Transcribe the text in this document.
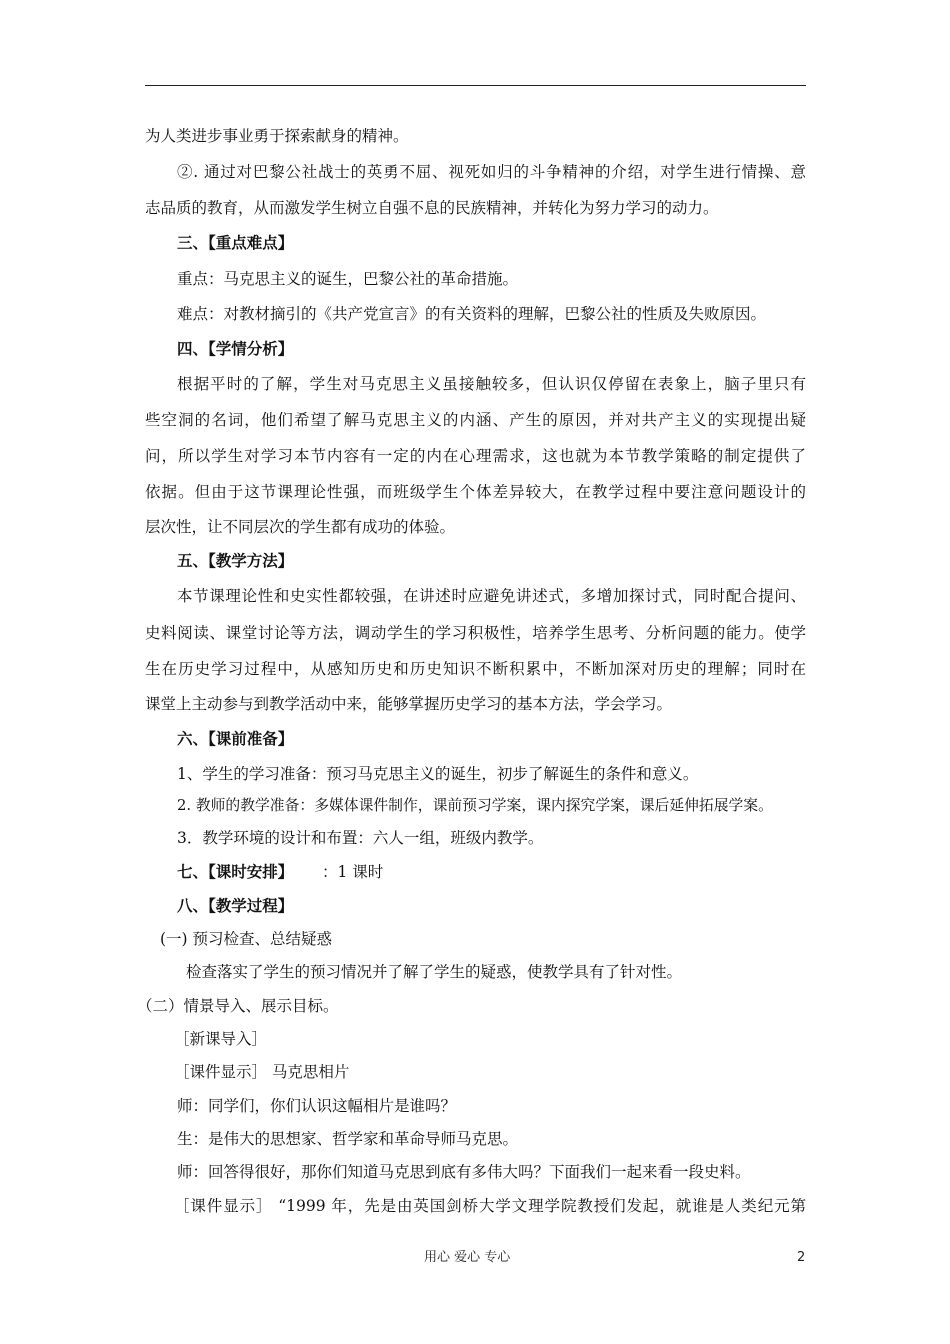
为人类进步事业勇于探索献身的精神。
②. 通过对巴黎公社战士的英勇不屈、视死如归的斗争精神的介绍，对学生进行情操、意
志品质的教育，从而激发学生树立自强不息的民族精神，并转化为努力学习的动力。
三、【重点难点】
重点：马克思主义的诞生，巴黎公社的革命措施。
难点：对教材摘引的《共产党宣言》的有关资料的理解，巴黎公社的性质及失败原因。
四、【学情分析】
根据平时的了解，学生对马克思主义虽接触较多，但认识仅停留在表象上，脑子里只有
些空洞的名词，他们希望了解马克思主义的内涵、产生的原因，并对共产主义的实现提出疑
问，所以学生对学习本节内容有一定的内在心理需求，这也就为本节教学策略的制定提供了
依据。但由于这节课理论性强，而班级学生个体差异较大，在教学过程中要注意问题设计的
层次性，让不同层次的学生都有成功的体验。
五、【教学方法】
本节课理论性和史实性都较强，在讲述时应避免讲述式，多增加探讨式，同时配合提问、
史料阅读、课堂讨论等方法，调动学生的学习积极性，培养学生思考、分析问题的能力。使学
生在历史学习过程中，从感知历史和历史知识不断积累中，不断加深对历史的理解；同时在
课堂上主动参与到教学活动中来，能够掌握历史学习的基本方法，学会学习。
六、【课前准备】
1、学生的学习准备：预习马克思主义的诞生，初步了解诞生的条件和意义。
2. 教师的教学准备：多媒体课件制作，课前预习学案，课内探究学案，课后延伸拓展学案。
3．教学环境的设计和布置：六人一组，班级内教学。
七、【课时安排】 ：1 课时
八、【教学过程】
(一) 预习检查、总结疑惑
检查落实了学生的预习情况并了解了学生的疑惑，使教学具有了针对性。
（二）情景导入、展示目标。
［新课导入］
［课件显示］ 马克思相片
师：同学们，你们认识这幅相片是谁吗？
生：是伟大的思想家、哲学家和革命导师马克思。
师：回答得很好，那你们知道马克思到底有多伟大吗？下面我们一起来看一段史料。
［课件显示］ “1999 年，先是由英国剑桥大学文理学院教授们发起，就谁是人类纪元第
用心 爱心 专心	2
